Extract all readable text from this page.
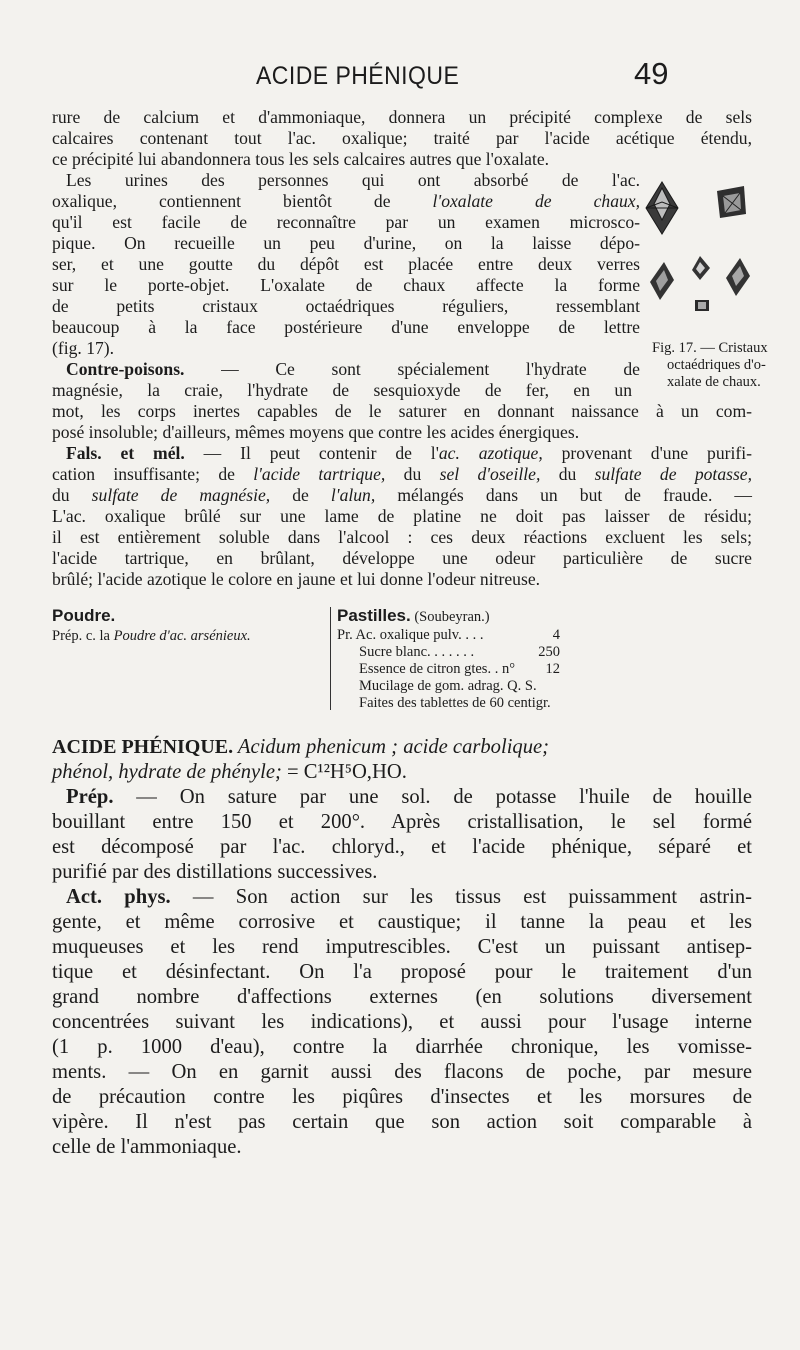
ACIDE PHÉNIQUE	49
rure de calcium et d'ammoniaque, donnera un précipité complexe de sels
calcaires contenant tout l'ac. oxalique; traité par l'acide acétique étendu,
ce précipité lui abandonnera tous les sels calcaires autres que l'oxalate.
Les urines des personnes qui ont absorbé de l'ac.
oxalique, contiennent bientôt de l'oxalate de chaux,
qu'il est facile de reconnaître par un examen microsco-
pique. On recueille un peu d'urine, on la laisse dépo-
ser, et une goutte du dépôt est placée entre deux verres
sur le porte-objet. L'oxalate de chaux affecte la forme
de petits cristaux octaédriques réguliers, ressemblant
beaucoup à la face postérieure d'une enveloppe de lettre
(fig. 17).
Contre-poisons. — Ce sont spécialement l'hydrate de
magnésie, la craie, l'hydrate de sesquioxyde de fer, en un
mot, les corps inertes capables de le saturer en donnant naissance à un com-
posé insoluble; d'ailleurs, mêmes moyens que contre les acides énergiques.
Fig. 17. — Cristaux
octaédriques d'o-
xalate de chaux.
Fals. et mél. — Il peut contenir de l'ac. azotique, provenant d'une purifi-
cation insuffisante; de l'acide tartrique, du sel d'oseille, du sulfate de potasse,
du sulfate de magnésie, de l'alun, mélangés dans un but de fraude. —
L'ac. oxalique brûlé sur une lame de platine ne doit pas laisser de résidu;
il est entièrement soluble dans l'alcool : ces deux réactions excluent les sels;
l'acide tartrique, en brûlant, développe une odeur particulière de sucre
brûlé; l'acide azotique le colore en jaune et lui donne l'odeur nitreuse.
Poudre.
Prép. c. la Poudre d'ac. arsénieux.
Pastilles. (Soubeyran.)
Pr. Ac. oxalique pulv. . . .	4
Sucre blanc. . . . . . .	250
Essence de citron gtes. . n°	12
Mucilage de gom. adrag. Q. S.
Faites des tablettes de 60 centigr.
ACIDE PHÉNIQUE. Acidum phenicum ; acide carbolique;
phénol, hydrate de phényle; = C¹²H⁵O,HO.
Prép. — On sature par une sol. de potasse l'huile de houille
bouillant entre 150 et 200°. Après cristallisation, le sel formé
est décomposé par l'ac. chloryd., et l'acide phénique, séparé et
purifié par des distillations successives.
Act. phys. — Son action sur les tissus est puissamment astrin-
gente, et même corrosive et caustique; il tanne la peau et les
muqueuses et les rend imputrescibles. C'est un puissant antisep-
tique et désinfectant. On l'a proposé pour le traitement d'un
grand nombre d'affections externes (en solutions diversement
concentrées suivant les indications), et aussi pour l'usage interne
(1 p. 1000 d'eau), contre la diarrhée chronique, les vomisse-
ments. — On en garnit aussi des flacons de poche, par mesure
de précaution contre les piqûres d'insectes et les morsures de
vipère. Il n'est pas certain que son action soit comparable à
celle de l'ammoniaque.
